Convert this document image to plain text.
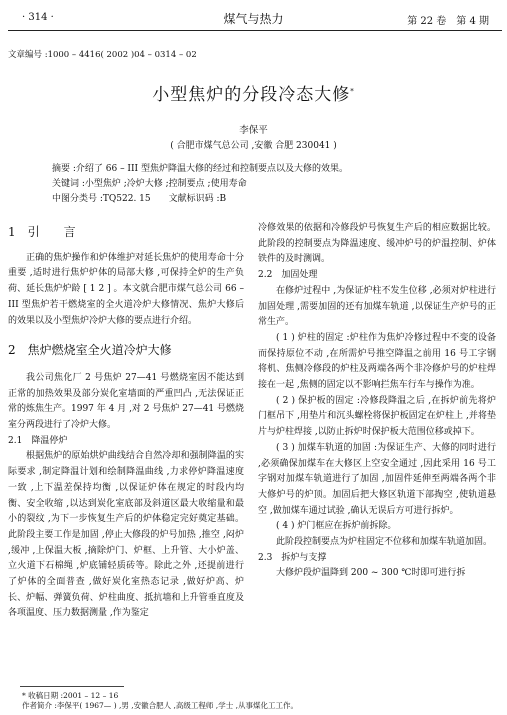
· 314 ·	煤气与热力	第 22 卷　第 4 期
文章编号 :1000 – 4416( 2002 )04 – 0314 – 02
小型焦炉的分段冷态大修*
李保平
( 合肥市煤气总公司 ,安徽 合肥 230041 )
摘要 :介绍了 66 – III 型焦炉降温大修的经过和控制要点以及大修的效果。
关键词 :小型焦炉 ;冷炉大修 ;控制要点 ;使用寿命
中图分类号 :TQ522. 15　　文献标识码 :B

1　引　　言

正确的焦炉操作和炉体维护对延长焦炉的使用寿命十分重要 ,适时进行焦炉炉体的局部大修 ,可保持全炉的生产负荷、延长焦炉炉龄 [ 1 2 ] 。本文就合肥市煤气总公司 66 – III 型焦炉若干燃烧室的全火道冷炉大修情况、焦炉大修后的效果以及小型焦炉冷炉大修的要点进行介绍。

2　焦炉燃烧室全火道冷炉大修

我公司焦化厂 2 号焦炉 27—41 号燃烧室因不能达到正常的加热效果及部分炭化室墙面的严重凹凸 ,无法保证正常的炼焦生产。1997 年 4 月 ,对 2 号焦炉 27—41 号燃烧室分两段进行了冷炉大修。

2.1　降温停炉

根据焦炉的原始烘炉曲线结合自然冷却和强制降温的实际要求 ,制定降温计划和绘制降温曲线 ,力求停炉降温速度一致 ,上下温差保持均衡 ,以保证炉体在规定的时段内均衡、安全收缩 ,以达到炭化室底部及斜道区最大收缩量和最小的裂纹 ,为下一步恢复生产后的炉体稳定完好奠定基础。此阶段主要工作是加固 ,停止大修段的炉号加热 ,推空 ,闷炉 ,缓冲 ,上保温大板 ,摘除炉门、炉框、上升管、大小炉盖、立火道下石棉绳 ,炉底铺轻质砖等。除此之外 ,还提前进行了炉体的全面普查 ,做好炭化室热态记录 ,做好炉高、炉长、炉幅、弹簧负荷、炉柱曲度、抵抗墙和上升管垂直度及各项温度、压力数据测量 ,作为鉴定

冷修效果的依据和冷修段炉号恢复生产后的相应数据比较。此阶段的控制要点为降温速度、缓冲炉号的炉温控制、炉体铁件的及时测调。

2.2　加固处理

在修炉过程中 ,为保证炉柱不发生位移 ,必须对炉柱进行加固处理 ,需要加固的还有加煤车轨道 ,以保证生产炉号的正常生产。

( 1 ) 炉柱的固定 :炉柱作为焦炉冷修过程中不变的设备而保持原位不动 ,在所需炉号推空降温之前用 16 号工字钢将机、焦侧冷修段的炉柱及两端各两个非冷修炉号的炉柱焊接在一起 ,焦侧的固定以不影响拦焦车行车与操作为准。

( 2 ) 保护板的固定 :冷修段降温之后 ,在拆炉前先将炉门框吊下 ,用垫片和沉头螺栓将保护板固定在炉柱上 ,并将垫片与炉柱焊接 ,以防止拆炉时保护板大范围位移或掉下。

( 3 ) 加煤车轨道的加固 :为保证生产、大修的同时进行 ,必须确保加煤车在大修区上空安全通过 ,因此采用 16 号工字钢对加煤车轨道进行了加固 ,加固件延伸至两端各两个非大修炉号的炉顶。加固后把大修区轨道下部掏空 ,使轨道悬空 ,做加煤车通过试验 ,确认无误后方可进行拆炉。

( 4 ) 炉门框应在拆炉前拆除。

此阶段控制要点为炉柱固定不位移和加煤车轨道加固。

2.3　拆炉与支撑

大修炉段炉温降到 200 ~ 300 ℃时即可进行拆

* 收稿日期 :2001 – 12 – 16
作者简介 :李保平( 1967— ) ,男 ,安徽合肥人 ,高级工程师 ,学士 ,从事煤化工工作。
